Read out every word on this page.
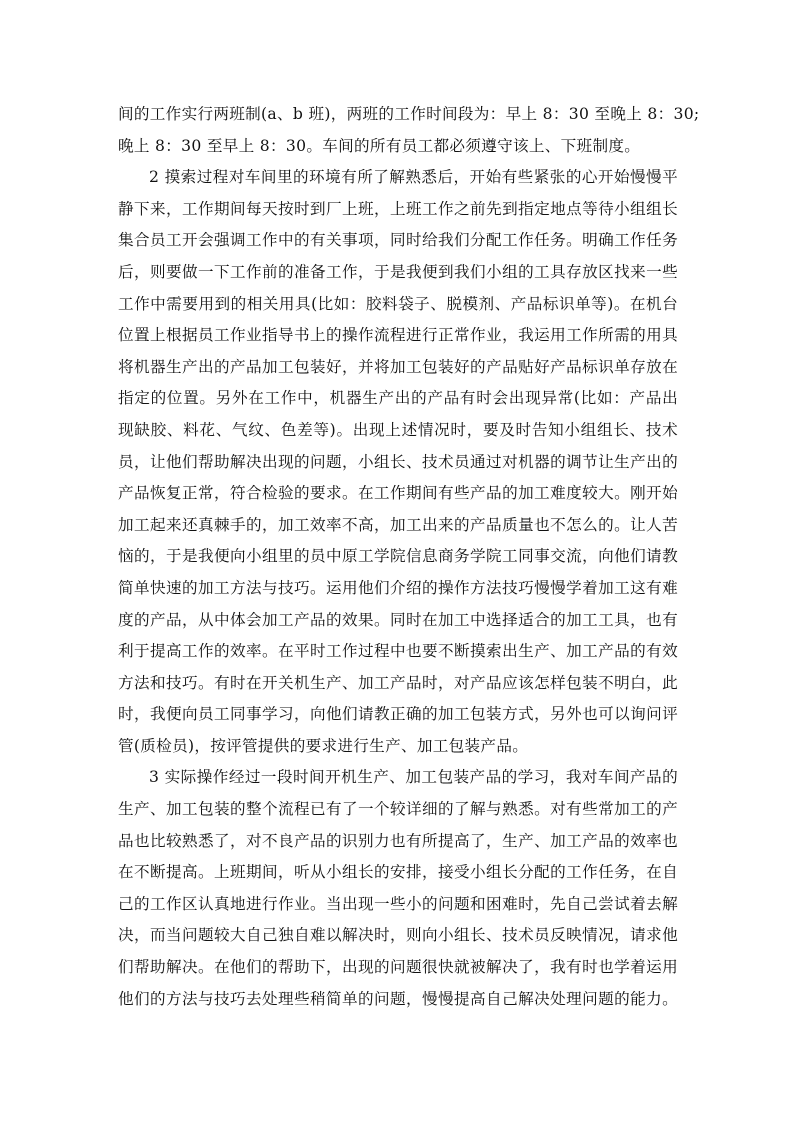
间的工作实行两班制(a、b 班)，两班的工作时间段为：早上 8：30 至晚上 8：30;
晚上 8：30 至早上 8：30。车间的所有员工都必须遵守该上、下班制度。
2 摸索过程对车间里的环境有所了解熟悉后，开始有些紧张的心开始慢慢平
静下来，工作期间每天按时到厂上班，上班工作之前先到指定地点等待小组组长
集合员工开会强调工作中的有关事项，同时给我们分配工作任务。明确工作任务
后，则要做一下工作前的准备工作，于是我便到我们小组的工具存放区找来一些
工作中需要用到的相关用具(比如：胶料袋子、脱模剂、产品标识单等)。在机台
位置上根据员工作业指导书上的操作流程进行正常作业，我运用工作所需的用具
将机器生产出的产品加工包装好，并将加工包装好的产品贴好产品标识单存放在
指定的位置。另外在工作中，机器生产出的产品有时会出现异常(比如：产品出
现缺胶、料花、气纹、色差等)。出现上述情况时，要及时告知小组组长、技术
员，让他们帮助解决出现的问题，小组长、技术员通过对机器的调节让生产出的
产品恢复正常，符合检验的要求。在工作期间有些产品的加工难度较大。刚开始
加工起来还真棘手的，加工效率不高，加工出来的产品质量也不怎么的。让人苦
恼的，于是我便向小组里的员中原工学院信息商务学院工同事交流，向他们请教
简单快速的加工方法与技巧。运用他们介绍的操作方法技巧慢慢学着加工这有难
度的产品，从中体会加工产品的效果。同时在加工中选择适合的加工工具，也有
利于提高工作的效率。在平时工作过程中也要不断摸索出生产、加工产品的有效
方法和技巧。有时在开关机生产、加工产品时，对产品应该怎样包装不明白，此
时，我便向员工同事学习，向他们请教正确的加工包装方式，另外也可以询问评
管(质检员)，按评管提供的要求进行生产、加工包装产品。
3 实际操作经过一段时间开机生产、加工包装产品的学习，我对车间产品的
生产、加工包装的整个流程已有了一个较详细的了解与熟悉。对有些常加工的产
品也比较熟悉了，对不良产品的识别力也有所提高了，生产、加工产品的效率也
在不断提高。上班期间，听从小组长的安排，接受小组长分配的工作任务，在自
己的工作区认真地进行作业。当出现一些小的问题和困难时，先自己尝试着去解
决，而当问题较大自己独自难以解决时，则向小组长、技术员反映情况，请求他
们帮助解决。在他们的帮助下，出现的问题很快就被解决了，我有时也学着运用
他们的方法与技巧去处理些稍简单的问题，慢慢提高自己解决处理问题的能力。
